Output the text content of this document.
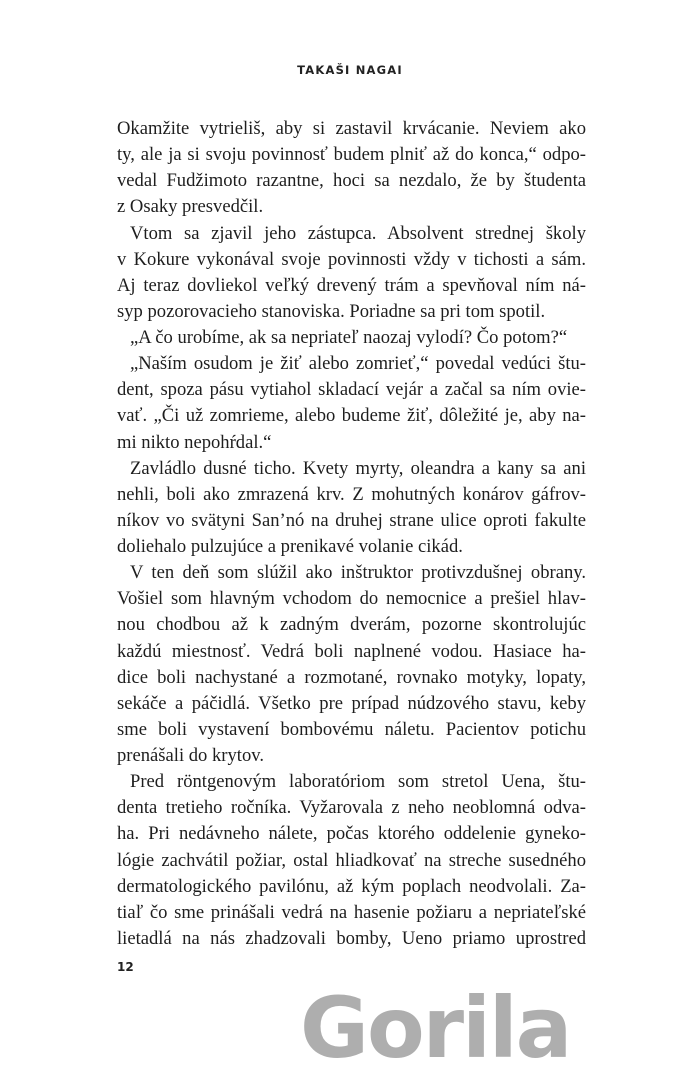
TAKAŠI NAGAI
Okamžite vytrieliš, aby si zastavil krvácanie. Neviem ako
ty, ale ja si svoju povinnosť budem plniť až do konca,“ odpo-
vedal Fudžimoto razantne, hoci sa nezdalo, že by študenta
z Osaky presvedčil.
Vtom sa zjavil jeho zástupca. Absolvent strednej školy
v Kokure vykonával svoje povinnosti vždy v tichosti a sám.
Aj teraz dovliekol veľký drevený trám a spevňoval ním ná-
syp pozorovacieho stanoviska. Poriadne sa pri tom spotil.
„A čo urobíme, ak sa nepriateľ naozaj vylodí? Čo potom?“
„Naším osudom je žiť alebo zomrieť,“ povedal vedúci štu-
dent, spoza pásu vytiahol skladací vejár a začal sa ním ovie-
vať. „Či už zomrieme, alebo budeme žiť, dôležité je, aby na-
mi nikto nepohŕdal.“
Zavládlo dusné ticho. Kvety myrty, oleandra a kany sa ani
nehli, boli ako zmrazená krv. Z mohutných konárov gáfrov-
níkov vo svätyni San’nó na druhej strane ulice oproti fakulte
doliehalo pulzujúce a prenikavé volanie cikád.
V ten deň som slúžil ako inštruktor protivzdušnej obrany.
Vošiel som hlavným vchodom do nemocnice a prešiel hlav-
nou chodbou až k zadným dverám, pozorne skontrolujúc
každú miestnosť. Vedrá boli naplnené vodou. Hasiace ha-
dice boli nachystané a rozmotané, rovnako motyky, lopaty,
sekáče a páčidlá. Všetko pre prípad núdzového stavu, keby
sme boli vystavení bombovému náletu. Pacientov potichu
prenášali do krytov.
Pred röntgenovým laboratóriom som stretol Uena, štu-
denta tretieho ročníka. Vyžarovala z neho neoblomná odva-
ha. Pri nedávneho nálete, počas ktorého oddelenie gyneko-
lógie zachvátil požiar, ostal hliadkovať na streche susedného
dermatologického pavilónu, až kým poplach neodvolali. Za-
tiaľ čo sme prinášali vedrá na hasenie požiaru a nepriateľské
lietadlá na nás zhadzovali bomby, Ueno priamo uprostred
12
Gorila
